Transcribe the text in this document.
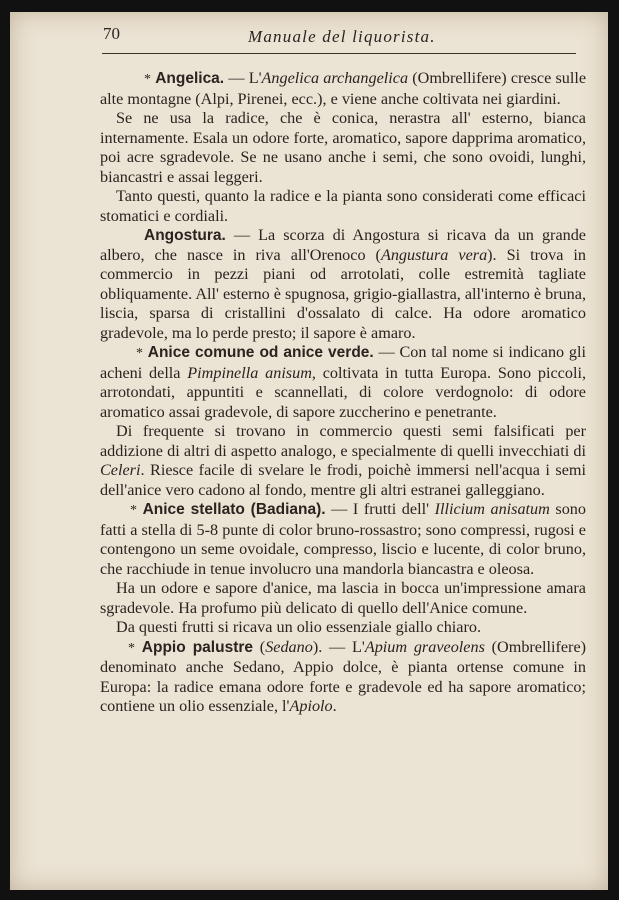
70	Manuale del liquorista.

* Angelica. — L'Angelica archangelica (Ombrellifere) cresce sulle alte montagne (Alpi, Pirenei, ecc.), e viene anche coltivata nei giardini.

Se ne usa la radice, che è conica, nerastra all' esterno, bianca internamente. Esala un odore forte, aromatico, sapore dapprima aromatico, poi acre sgradevole. Se ne usano anche i semi, che sono ovoidi, lunghi, biancastri e assai leggeri.

Tanto questi, quanto la radice e la pianta sono considerati come efficaci stomatici e cordiali.

Angostura. — La scorza di Angostura si ricava da un grande albero, che nasce in riva all'Orenoco (Angustura vera). Si trova in commercio in pezzi piani od arrotolati, colle estremità tagliate obliquamente. All' esterno è spugnosa, grigio-giallastra, all'interno è bruna, liscia, sparsa di cristallini d'ossalato di calce. Ha odore aromatico gradevole, ma lo perde presto; il sapore è amaro.

* Anice comune od anice verde. — Con tal nome si indicano gli acheni della Pimpinella anisum, coltivata in tutta Europa. Sono piccoli, arrotondati, appuntiti e scannellati, di colore verdognolo: di odore aromatico assai gradevole, di sapore zuccherino e penetrante.

Di frequente si trovano in commercio questi semi falsificati per addizione di altri di aspetto analogo, e specialmente di quelli invecchiati di Celeri. Riesce facile di svelare le frodi, poichè immersi nell'acqua i semi dell'anice vero cadono al fondo, mentre gli altri estranei galleggiano.

* Anice stellato (Badiana). — I frutti dell' Illicium anisatum sono fatti a stella di 5-8 punte di color bruno-rossastro; sono compressi, rugosi e contengono un seme ovoidale, compresso, liscio e lucente, di color bruno, che racchiude in tenue involucro una mandorla biancastra e oleosa.

Ha un odore e sapore d'anice, ma lascia in bocca un'impressione amara sgradevole. Ha profumo più delicato di quello dell'Anice comune.

Da questi frutti si ricava un olio essenziale giallo chiaro.

* Appio palustre (Sedano). — L'Apium graveolens (Ombrellifere) denominato anche Sedano, Appio dolce, è pianta ortense comune in Europa: la radice emana odore forte e gradevole ed ha sapore aromatico; contiene un olio essenziale, l'Apiolo.
